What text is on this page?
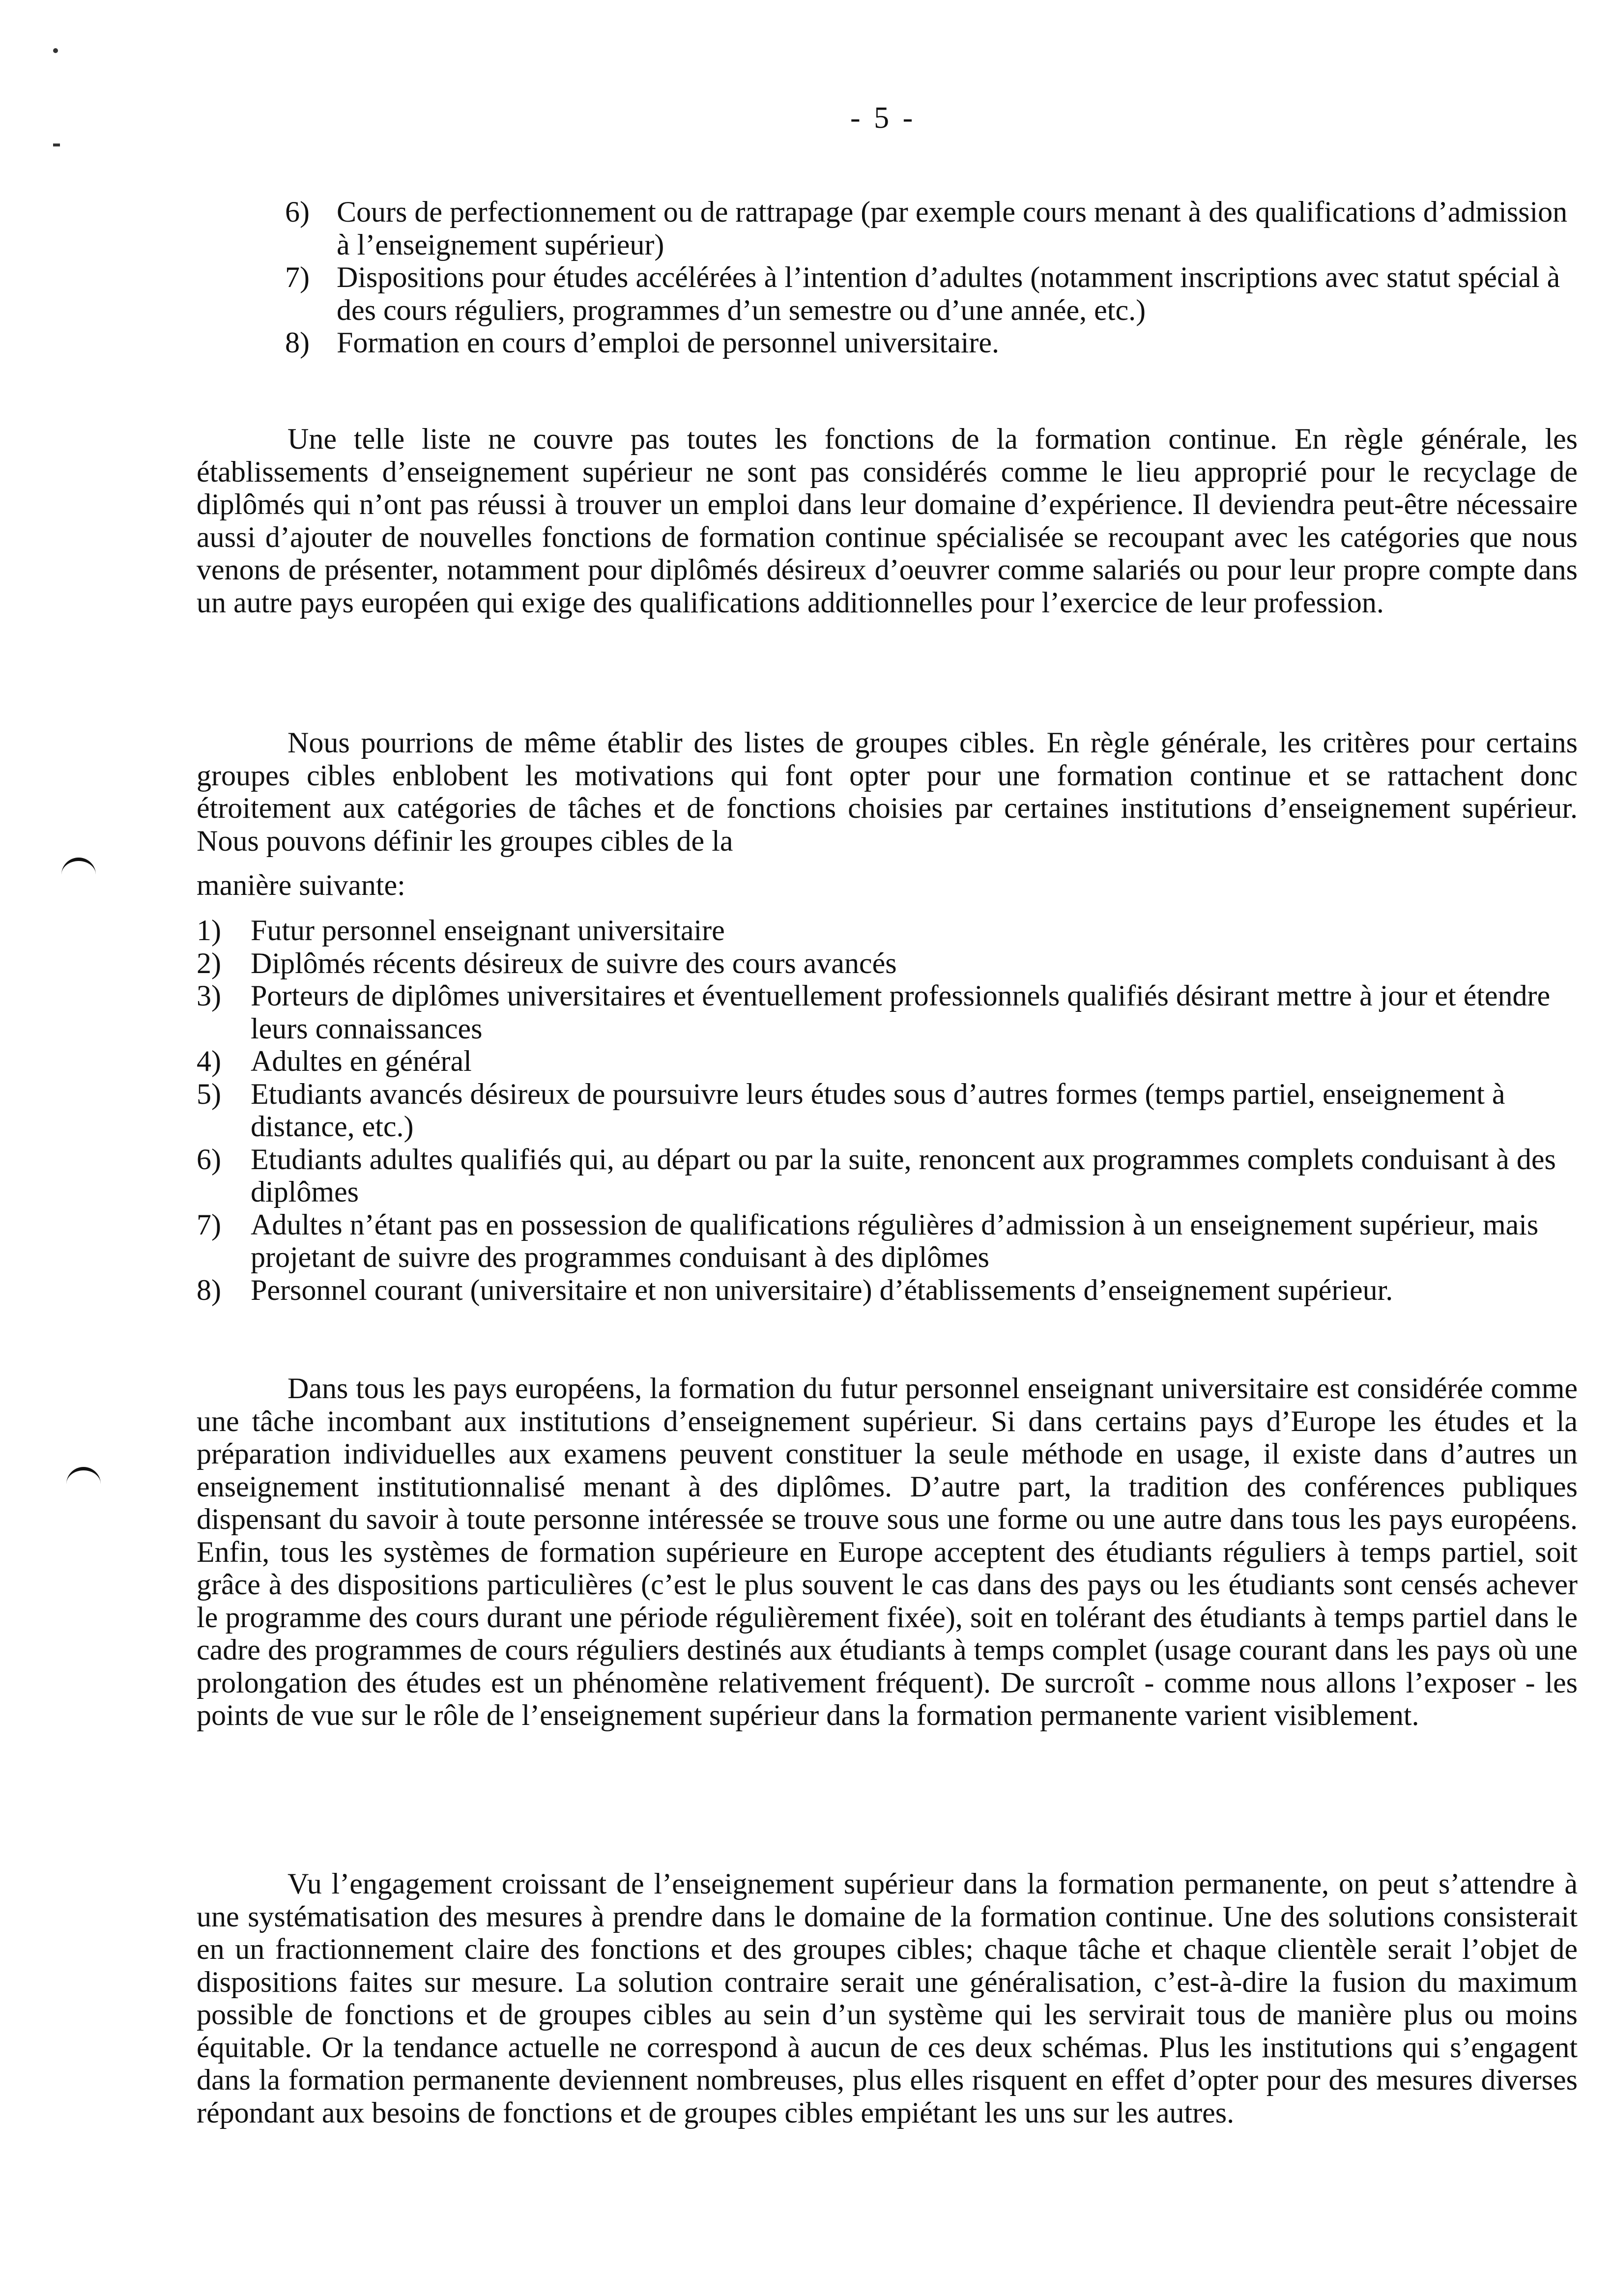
- 5 -
6) Cours de perfectionnement ou de rattrapage (par exemple cours menant à des qualifications d’admission à l’enseignement supérieur)
7) Dispositions pour études accélérées à l’intention d’adultes (notamment inscriptions avec statut spécial à des cours réguliers, programmes d’un semestre ou d’une année, etc.)
8) Formation en cours d’emploi de personnel universitaire.

Une telle liste ne couvre pas toutes les fonctions de la formation continue. En règle générale, les établissements d’enseignement supérieur ne sont pas considérés comme le lieu approprié pour le recyclage de diplômés qui n’ont pas réussi à trouver un emploi dans leur domaine d’expérience. Il deviendra peut-être nécessaire aussi d’ajouter de nouvelles fonctions de formation continue spécialisée se recoupant avec les catégories que nous venons de présenter, notamment pour diplômés désireux d’oeuvrer comme salariés ou pour leur propre compte dans un autre pays européen qui exige des qualifications additionnelles pour l’exercice de leur profession.

Nous pourrions de même établir des listes de groupes cibles. En règle générale, les critères pour certains groupes cibles enblobent les motivations qui font opter pour une formation continue et se rattachent donc étroitement aux catégories de tâches et de fonctions choisies par certaines institutions d’enseignement supérieur. Nous pouvons définir les groupes cibles de la

manière suivante:

1) Futur personnel enseignant universitaire
2) Diplômés récents désireux de suivre des cours avancés
3) Porteurs de diplômes universitaires et éventuellement professionnels qualifiés désirant mettre à jour et étendre leurs connaissances
4) Adultes en général
5) Etudiants avancés désireux de poursuivre leurs études sous d’autres formes (temps partiel, enseignement à distance, etc.)
6) Etudiants adultes qualifiés qui, au départ ou par la suite, renoncent aux programmes complets conduisant à des diplômes
7) Adultes n’étant pas en possession de qualifications régulières d’admission à un enseignement supérieur, mais projetant de suivre des programmes conduisant à des diplômes
8) Personnel courant (universitaire et non universitaire) d’établissements d’enseignement supérieur.

Dans tous les pays européens, la formation du futur personnel enseignant universitaire est considérée comme une tâche incombant aux institutions d’enseignement supérieur. Si dans certains pays d’Europe les études et la préparation individuelles aux examens peuvent constituer la seule méthode en usage, il existe dans d’autres un enseignement institutionnalisé menant à des diplômes. D’autre part, la tradition des conférences publiques dispensant du savoir à toute personne intéressée se trouve sous une forme ou une autre dans tous les pays européens. Enfin, tous les systèmes de formation supérieure en Europe acceptent des étudiants réguliers à temps partiel, soit grâce à des dispositions particulières (c’est le plus souvent le cas dans des pays ou les étudiants sont censés achever le programme des cours durant une période régulièrement fixée), soit en tolérant des étudiants à temps partiel dans le cadre des programmes de cours réguliers destinés aux étudiants à temps complet (usage courant dans les pays où une prolongation des études est un phénomène relativement fréquent). De surcroît - comme nous allons l’exposer - les points de vue sur le rôle de l’enseignement supérieur dans la formation permanente varient visiblement.

Vu l’engagement croissant de l’enseignement supérieur dans la formation permanente, on peut s’attendre à une systématisation des mesures à prendre dans le domaine de la formation continue. Une des solutions consisterait en un fractionnement claire des fonctions et des groupes cibles; chaque tâche et chaque clientèle serait l’objet de dispositions faites sur mesure. La solution contraire serait une généralisation, c’est-à-dire la fusion du maximum possible de fonctions et de groupes cibles au sein d’un système qui les servirait tous de manière plus ou moins équitable. Or la tendance actuelle ne correspond à aucun de ces deux schémas. Plus les institutions qui s’engagent dans la formation permanente deviennent nombreuses, plus elles risquent en effet d’opter pour des mesures diverses répondant aux besoins de fonctions et de groupes cibles empiétant les uns sur les autres.
